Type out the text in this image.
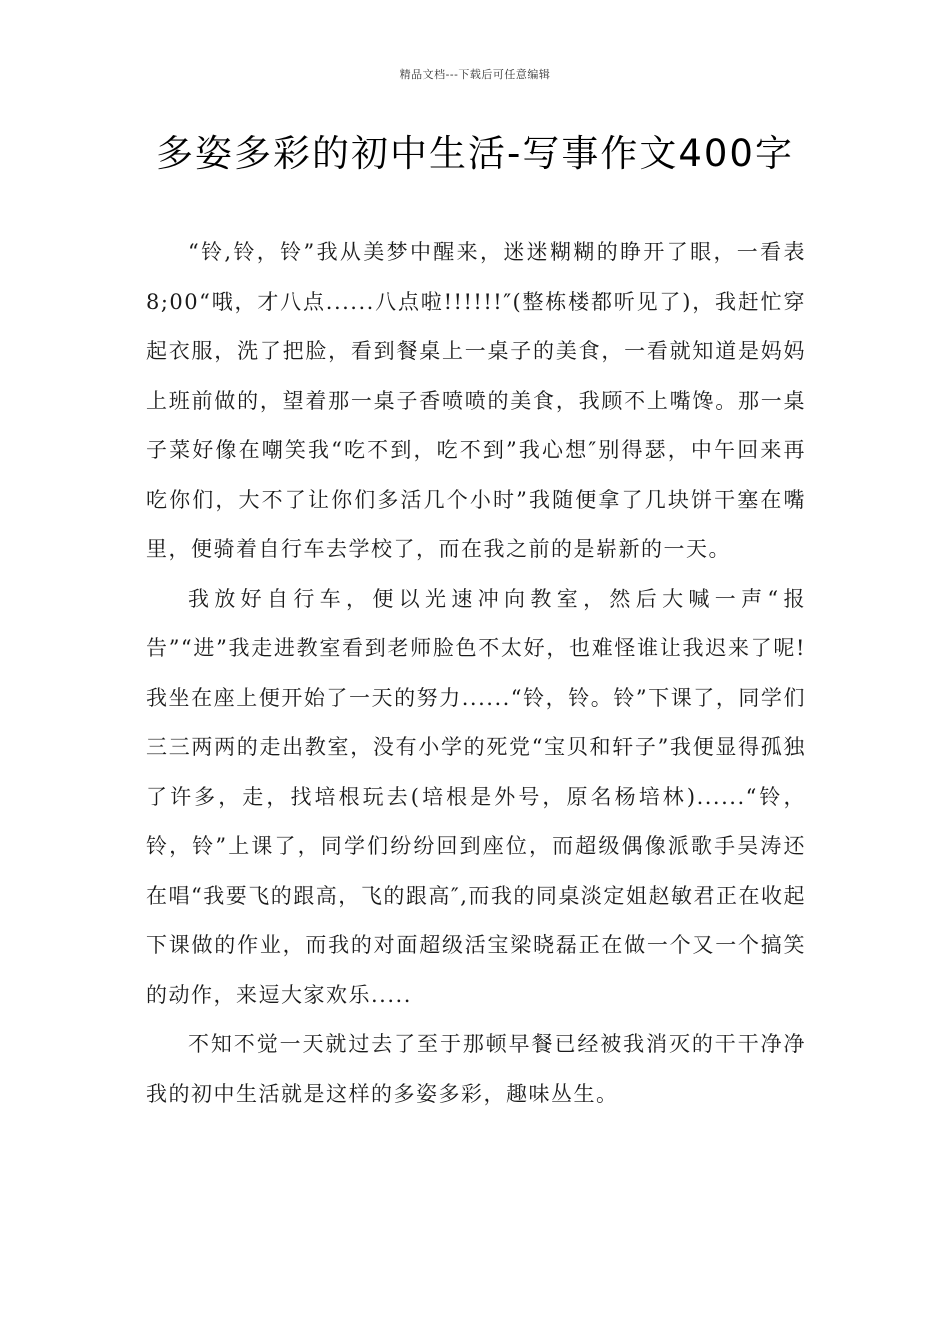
精品文档---下载后可任意编辑
多姿多彩的初中生活-写事作文400字

“铃,铃，铃”我从美梦中醒来，迷迷糊糊的睁开了眼，一看表8;00“哦，才八点......八点啦!!!!!!″(整栋楼都听见了)，我赶忙穿起衣服，洗了把脸，看到餐桌上一桌子的美食，一看就知道是妈妈上班前做的，望着那一桌子香喷喷的美食，我顾不上嘴馋。那一桌子菜好像在嘲笑我“吃不到，吃不到”我心想″别得瑟，中午回来再吃你们，大不了让你们多活几个小时”我随便拿了几块饼干塞在嘴里，便骑着自行车去学校了，而在我之前的是崭新的一天。

我放好自行车，便以光速冲向教室，然后大喊一声“报告”“进”我走进教室看到老师脸色不太好，也难怪谁让我迟来了呢!我坐在座上便开始了一天的努力......“铃，铃。铃”下课了，同学们三三两两的走出教室，没有小学的死党“宝贝和轩子”我便显得孤独了许多，走，找培根玩去(培根是外号，原名杨培林)......“铃，铃，铃”上课了，同学们纷纷回到座位，而超级偶像派歌手吴涛还在唱“我要飞的跟高，飞的跟高″,而我的同桌淡定姐赵敏君正在收起下课做的作业，而我的对面超级活宝梁晓磊正在做一个又一个搞笑的动作，来逗大家欢乐.....

不知不觉一天就过去了至于那顿早餐已经被我消灭的干干净净我的初中生活就是这样的多姿多彩，趣味丛生。
